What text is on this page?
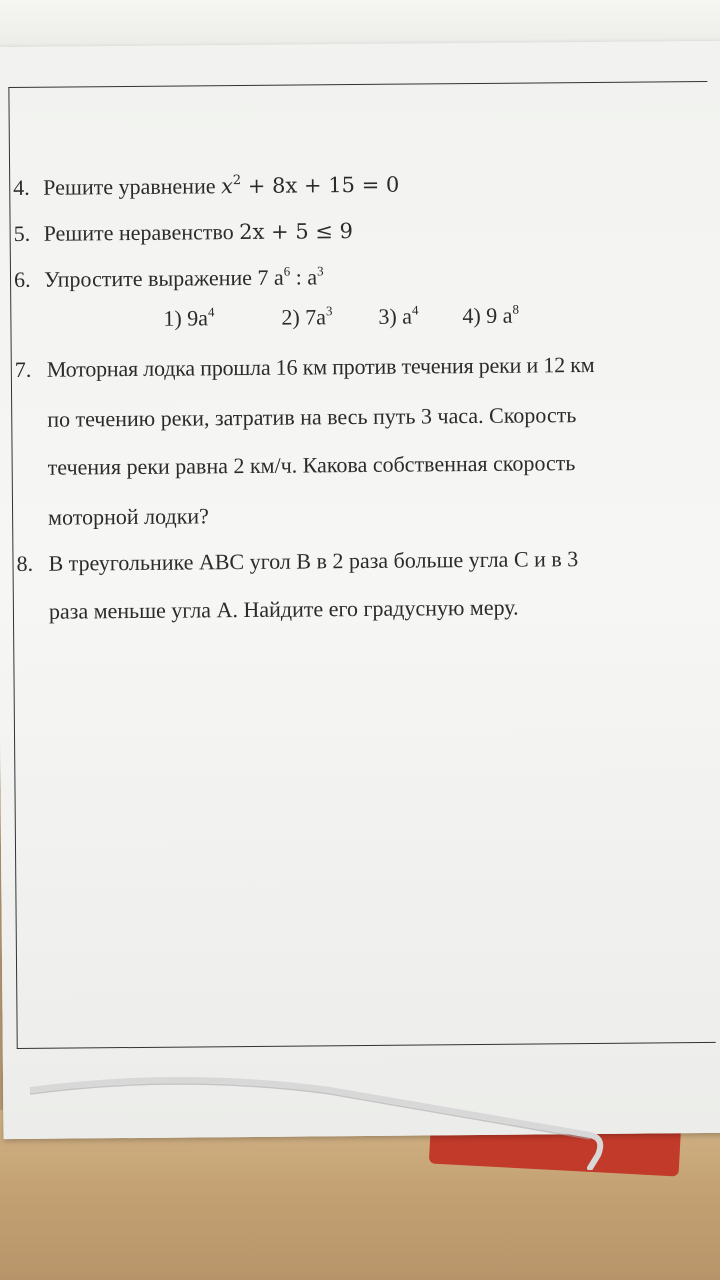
4. Решите уравнение $x^2 + 8x + 15 = 0$
5. Решите неравенство 2x + 5 ≤ 9
6. Упростите выражение 7 $a^6$ : $a^3$
1) $9a^4$	2) $7a^3$ 3) $a^4$ 4) 9 $a^8$
7. Моторная лодка прошла 16 км против течения реки и 12 км
по течению реки, затратив на весь путь 3 часа. Скорость
течения реки равна 2 км/ч. Какова собственная скорость
моторной лодки?
8. В треугольнике АВС угол В в 2 раза больше угла С и в 3
раза меньше угла А. Найдите его градусную меру.
